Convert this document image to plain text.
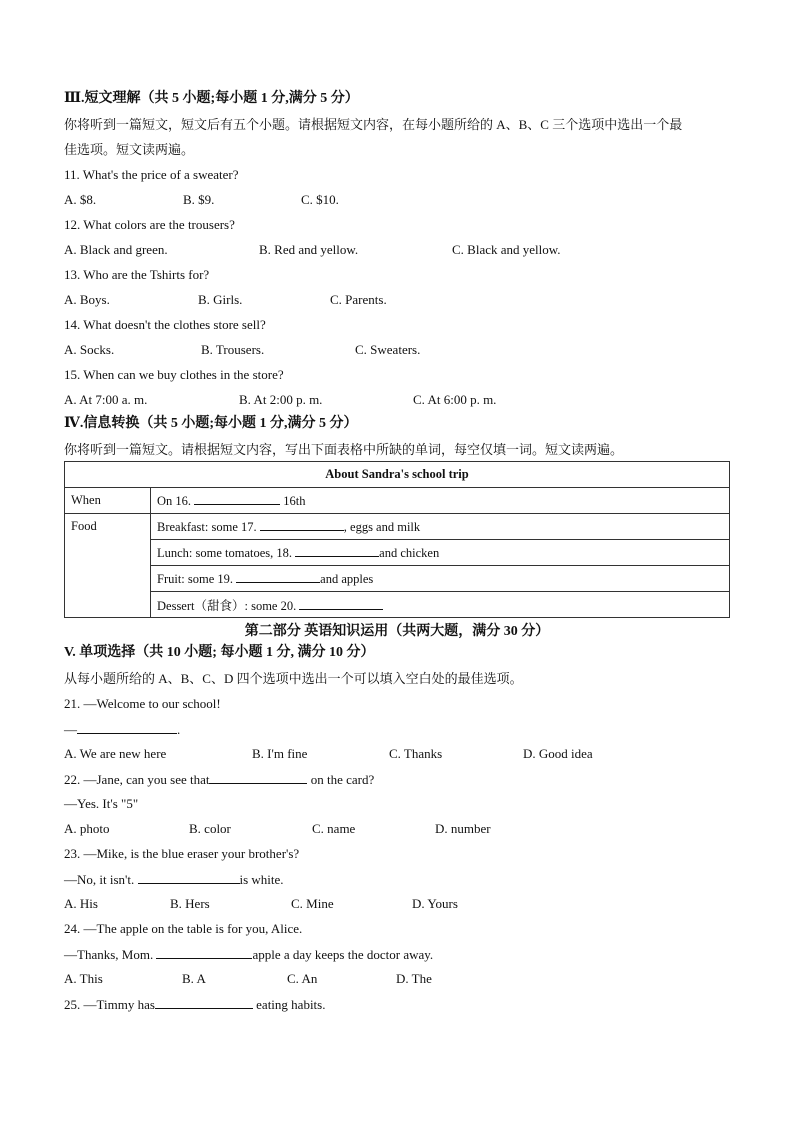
Ⅲ.短文理解（共 5 小题;每小题 1 分,满分 5 分）
你将听到一篇短文，短文后有五个小题。请根据短文内容，在每小题所给的 A、B、C 三个选项中选出一个最
佳选项。短文读两遍。
11. What's the price of a sweater?
A. $8.	B. $9.	C. $10.
12. What colors are the trousers?
A. Black and green.	B. Red and yellow.	C. Black and yellow.
13. Who are the Tshirts for?
A. Boys.	B. Girls.	C. Parents.
14. What doesn't the clothes store sell?
A. Socks.	B. Trousers.	C. Sweaters.
15. When can we buy clothes in the store?
A. At 7:00 a. m.	B. At 2:00 p. m.	C. At 6:00 p. m.
Ⅳ.信息转换（共 5 小题;每小题 1 分,满分 5 分）
你将听到一篇短文。请根据短文内容，写出下面表格中所缺的单词，每空仅填一词。短文读两遍。
About Sandra's school trip	
When	On 16. 16th
Food	Breakfast: some 17. , eggs and milk
	Lunch: some tomatoes, 18. and chicken
	Fruit: some 19. and apples
	Dessert（甜食）: some 20.
第二部分 英语知识运用（共两大题，满分 30 分）
V. 单项选择（共 10 小题; 每小题 1 分, 满分 10 分）
从每小题所给的 A、B、C、D 四个选项中选出一个可以填入空白处的最佳选项。
21. —Welcome to our school!
—	.
A. We are new here	B. I'm fine	C. Thanks	D. Good idea
22. —Jane, can you see that	on the card?
—Yes. It's "5"
A. photo	B. color	C. name	D. number
23. —Mike, is the blue eraser your brother's?
—No, it isn't.	is white.
A. His	B. Hers	C. Mine	D. Yours
24. —The apple on the table is for you, Alice.
—Thanks, Mom.	apple a day keeps the doctor away.
A. This	B. A	C. An	D. The
25. —Timmy has	eating habits.
